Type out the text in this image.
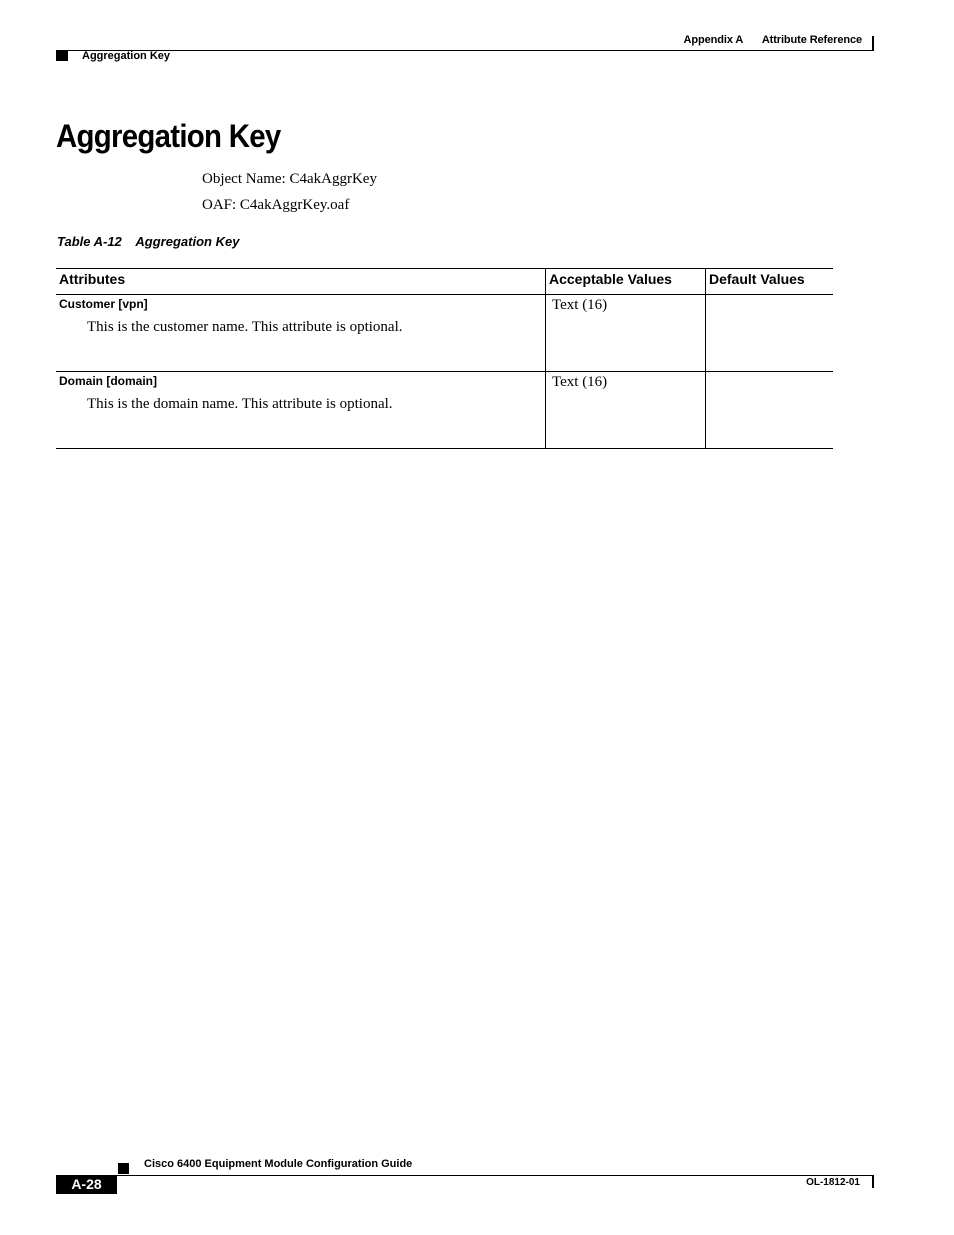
Appendix A Attribute Reference
Aggregation Key
Aggregation Key
Object Name: C4akAggrKey
OAF: C4akAggrKey.oaf
Table A-12 Aggregation Key
Attributes	Acceptable Values	Default Values

Customer [vpn]
This is the customer name. This attribute is optional.	Text (16)	

Domain [domain]
This is the domain name. This attribute is optional.	Text (16)	

Cisco 6400 Equipment Module Configuration Guide
A-28	OL-1812-01
